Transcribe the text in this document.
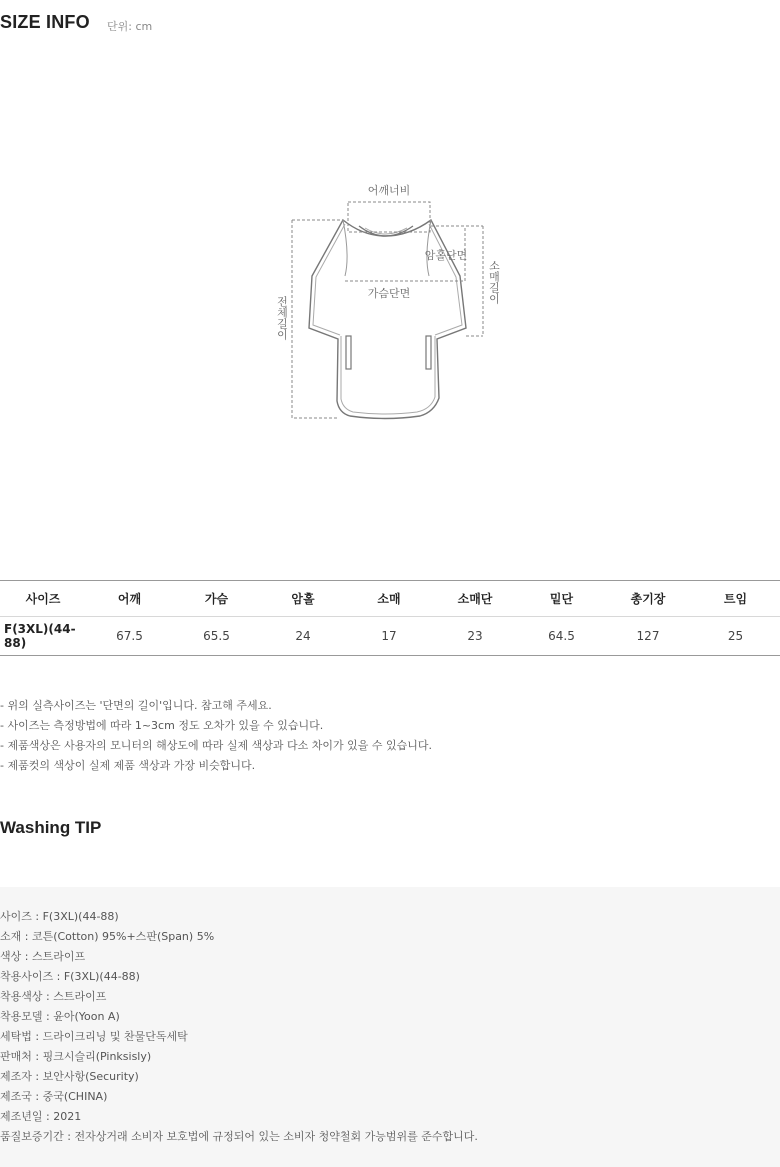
SIZE INFO 단위: cm
어깨너비
암홀단면
가슴단면
전체길이
소매길이
사이즈	어깨	가슴	암홀	소매	소매단	밑단	총기장	트임
F(3XL)(44-88)	67.5	65.5	24	17	23	64.5	127	25
- 위의 실측사이즈는 '단면의 길이'입니다. 참고해 주세요.
- 사이즈는 측정방법에 따라 1~3cm 정도 오차가 있을 수 있습니다.
- 제품색상은 사용자의 모니터의 해상도에 따라 실제 색상과 다소 차이가 있을 수 있습니다.
- 제품컷의 색상이 실제 제품 색상과 가장 비슷합니다.
Washing TIP
사이즈 : F(3XL)(44-88)
소재 : 코튼(Cotton) 95%+스판(Span) 5%
색상 : 스트라이프
착용사이즈 : F(3XL)(44-88)
착용색상 : 스트라이프
착용모델 : 윤아(Yoon A)
세탁법 : 드라이크리닝 및 찬물단독세탁
판매처 : 핑크시슬리(Pinksisly)
제조자 : 보안사항(Security)
제조국 : 중국(CHINA)
제조년일 : 2021
품질보증기간 : 전자상거래 소비자 보호법에 규정되어 있는 소비자 청약철회 가능범위를 준수합니다.
